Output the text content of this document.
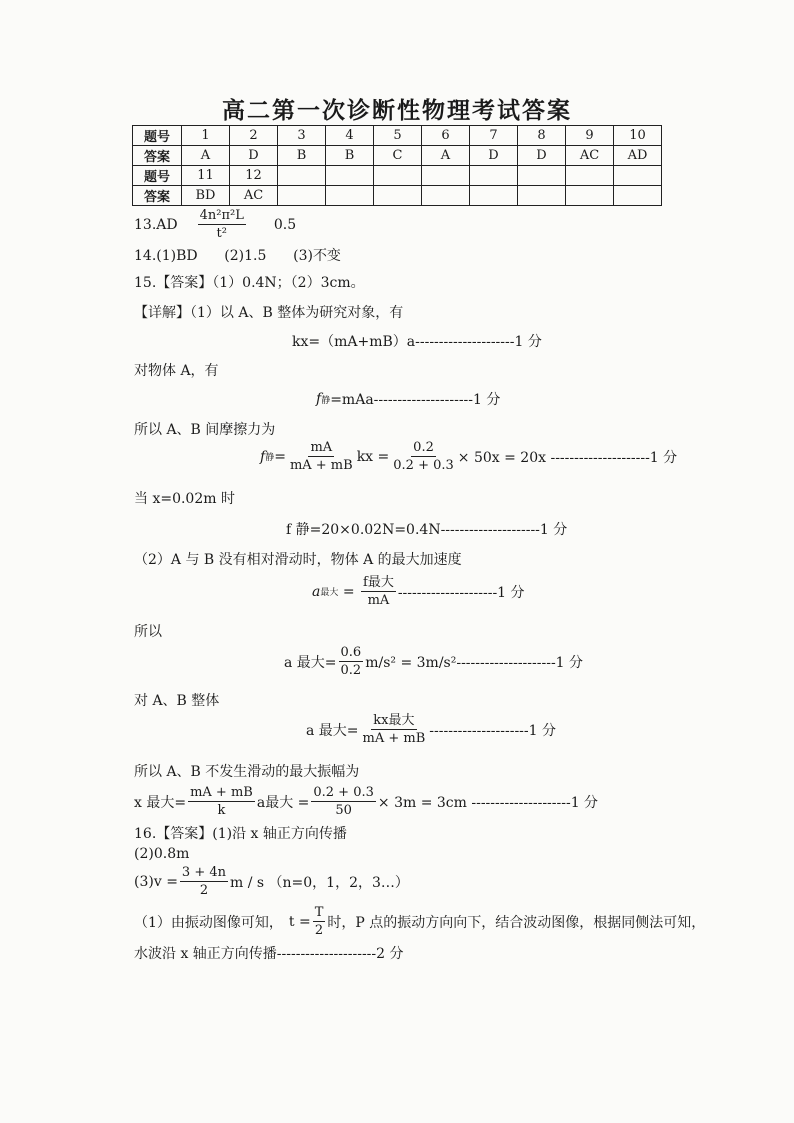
高二第一次诊断性物理考试答案
题号	1	2	3	4	5	6	7	8	9	10
答案	A	D	B	B	C	A	D	D	AC	AD
题号	11	12								
答案	BD	AC								
$13.AD \frac{\text{4n²π²L}}{\text{t²}} 0.5$
14.(1)BD      (2)1.5      (3)不变
15.【答案】（1）0.4N；（2）3cm。
【详解】（1）以 A、B 整体为研究对象，有
kx=（mA+mB）a---------------------1 分
对物体 A，有
f 静 =mAa---------------------1 分
所以 A、B 间摩擦力为
f 静 = $\frac{mA}{mA + mB}$ kx = $\frac{0.2}{0.2 + 0.3} \times 50x = 20x$ ---------------------1 分
当 x=0.02m 时
f 静=20×0.02N=0.4N---------------------1 分
（2）A 与 B 没有相对滑动时，物体 A 的最大加速度
a 最大 = $\frac{\text{f最大}}{mA} ---------------------1$ 分
所以
a 最大= $\frac{0.6}{0.2} m/s^2 = 3m/s^2---------------------1$ 分
对 A、B 整体
a 最大= $\frac{\text{kx最大}}{mA + mB} ---------------------1$ 分
所以 A、B 不发生滑动的最大振幅为
x 最大= $\frac{mA + mB}{k}$ a最大 = $\frac{0.2 + 0.3}{50} \times 3m = 3cm$ ---------------------1 分
16.【答案】(1)沿 x 轴正方向传播
(2)0.8m
$(3)v = \frac{3 + 4n}{2}$ m / s （n=0，1，2，3…）
（1）由振动图像可知， $t = \frac{T}{2}$ 时，P 点的振动方向向下，结合波动图像，根据同侧法可知，
水波沿 x 轴正方向传播---------------------2 分
